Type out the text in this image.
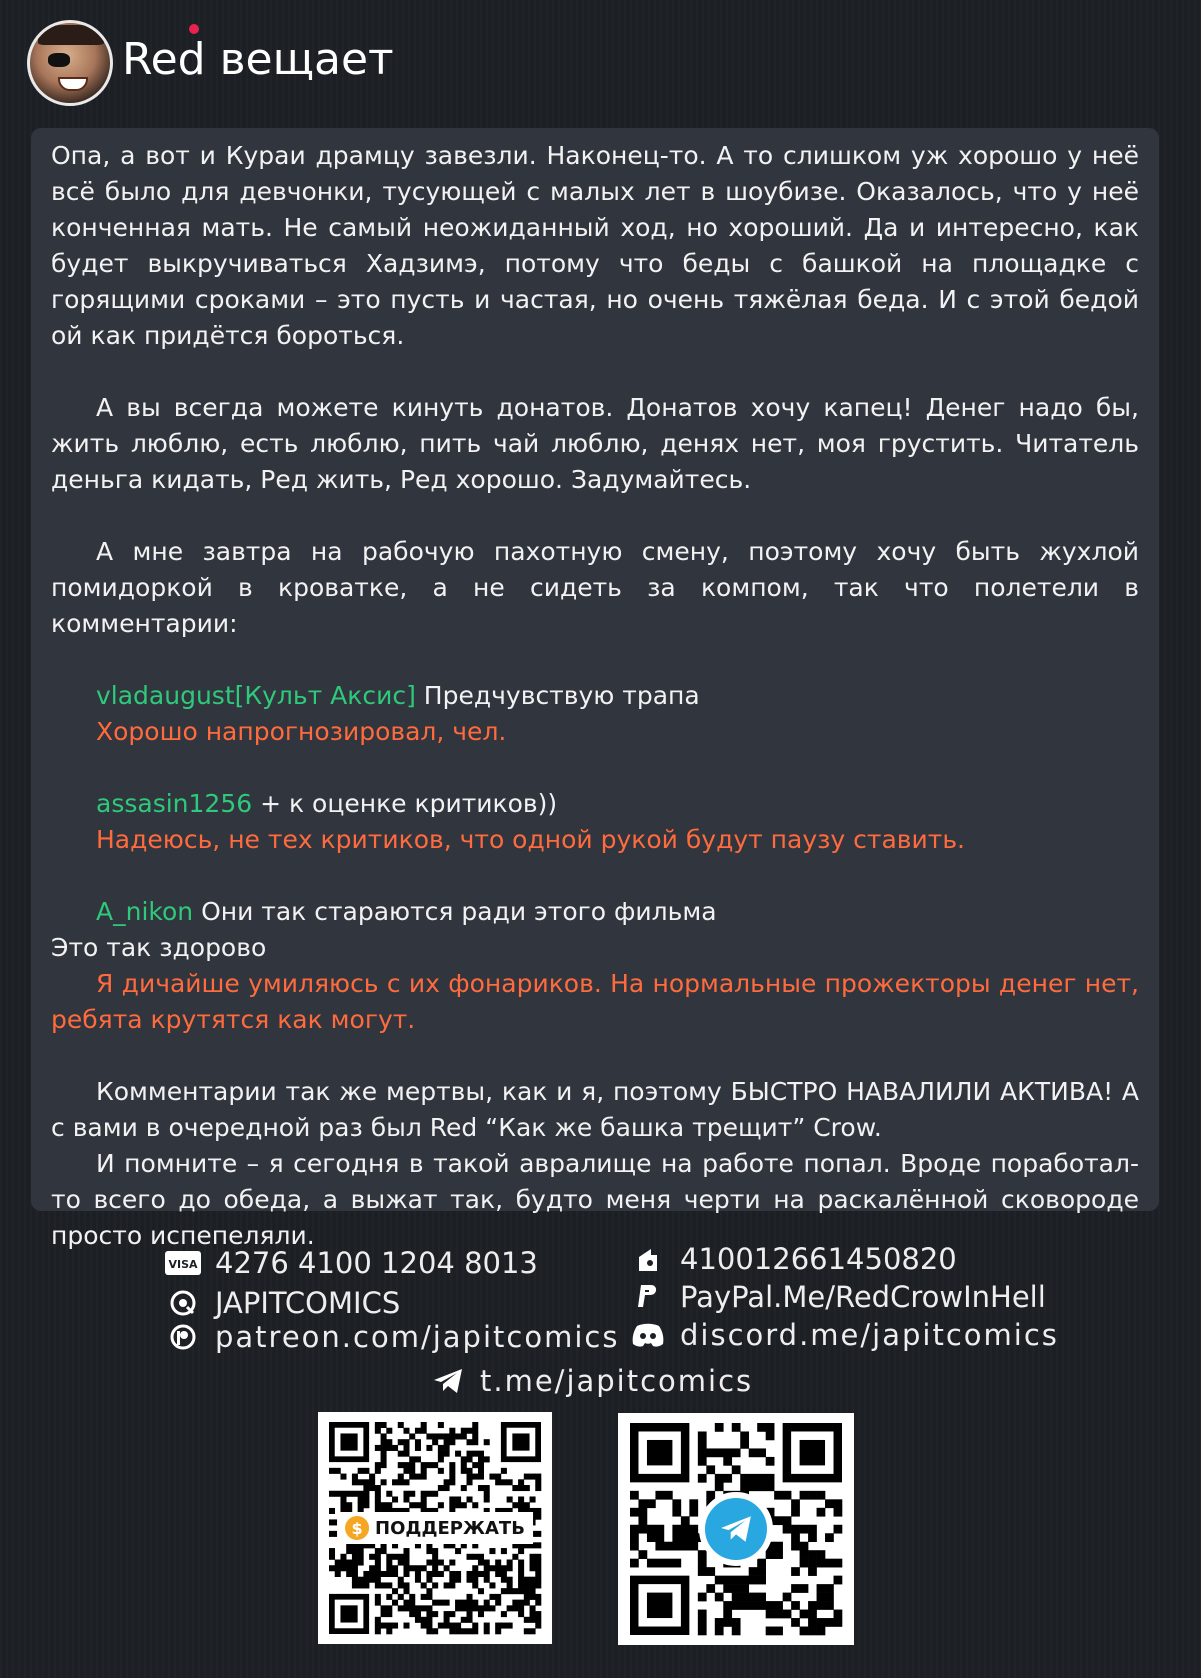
Red вещает

Опа, а вот и Кураи драмцу завезли. Наконец-то. А то слишком уж хорошо у неё всё было для девчонки, тусующей с малых лет в шоубизе. Оказалось, что у неё конченная мать. Не самый неожиданный ход, но хороший. Да и интересно, как будет выкручиваться Хадзимэ, потому что беды с башкой на площадке с горящими сроками – это пусть и частая, но очень тяжёлая беда. И с этой бедой ой как придётся бороться.

А вы всегда можете кинуть донатов. Донатов хочу капец! Денег надо бы, жить люблю, есть люблю, пить чай люблю, денях нет, моя грустить. Читатель деньга кидать, Ред жить, Ред хорошо. Задумайтесь.

А мне завтра на рабочую пахотную смену, поэтому хочу быть жухлой помидоркой в кроватке, а не сидеть за компом, так что полетели в комментарии:

vladaugust[Культ Аксис] Предчувствую трапа

Хорошо напрогнозировал, чел.

assasin1256 + к оценке критиков))

Надеюсь, не тех критиков, что одной рукой будут паузу ставить.

A_nikon Они так стараются ради этого фильма

Это так здорово

Я дичайше умиляюсь с их фонариков. На нормальные прожекторы денег нет, ребята крутятся как могут.

Комментарии так же мертвы, как и я, поэтому БЫСТРО НАВАЛИЛИ АКТИВА! А с вами в очередной раз был Red “Как же башка трещит” Crow.

И помните – я сегодня в такой авралище на работе попал. Вроде поработал-то всего до обеда, а выжат так, будто меня черти на раскалённой сковороде просто испепеляли.

VISA 4276 4100 1204 8013
JAPITCOMICS
patreon.com/japitcomics
410012661450820
PayPal.Me/RedCrowInHell
discord.me/japitcomics
t.me/japitcomics
$ ПОДДЕРЖАТЬ
